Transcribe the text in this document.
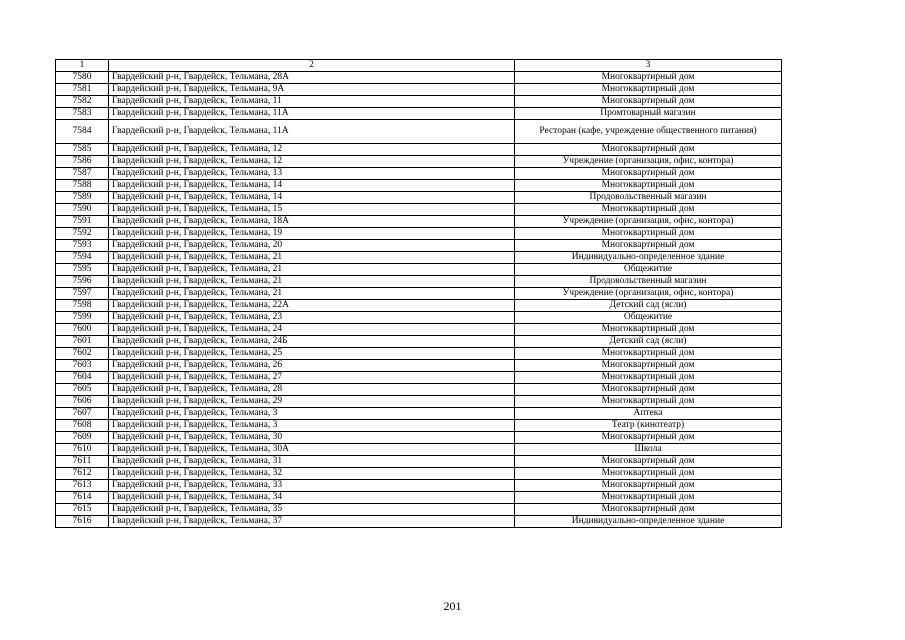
1	2	3
7580	Гвардейский р-н, Гвардейск, Тельмана, 28А	Многоквартирный дом
7581	Гвардейский р-н, Гвардейск, Тельмана, 9А	Многоквартирный дом
7582	Гвардейский р-н, Гвардейск, Тельмана, 11	Многоквартирный дом
7583	Гвардейский р-н, Гвардейск, Тельмана, 11А	Промтоварный магазин
7584	Гвардейский р-н, Гвардейск, Тельмана, 11А	Ресторан (кафе, учреждение общественного питания)
7585	Гвардейский р-н, Гвардейск, Тельмана, 12	Многоквартирный дом
7586	Гвардейский р-н, Гвардейск, Тельмана, 12	Учреждение (организация, офис, контора)
7587	Гвардейский р-н, Гвардейск, Тельмана, 13	Многоквартирный дом
7588	Гвардейский р-н, Гвардейск, Тельмана, 14	Многоквартирный дом
7589	Гвардейский р-н, Гвардейск, Тельмана, 14	Продовольственный магазин
7590	Гвардейский р-н, Гвардейск, Тельмана, 15	Многоквартирный дом
7591	Гвардейский р-н, Гвардейск, Тельмана, 18А	Учреждение (организация, офис, контора)
7592	Гвардейский р-н, Гвардейск, Тельмана, 19	Многоквартирный дом
7593	Гвардейский р-н, Гвардейск, Тельмана, 20	Многоквартирный дом
7594	Гвардейский р-н, Гвардейск, Тельмана, 21	Индивидуально-определенное здание
7595	Гвардейский р-н, Гвардейск, Тельмана, 21	Общежитие
7596	Гвардейский р-н, Гвардейск, Тельмана, 21	Продовольственный магазин
7597	Гвардейский р-н, Гвардейск, Тельмана, 21	Учреждение (организация, офис, контора)
7598	Гвардейский р-н, Гвардейск, Тельмана, 22А	Детский сад (ясли)
7599	Гвардейский р-н, Гвардейск, Тельмана, 23	Общежитие
7600	Гвардейский р-н, Гвардейск, Тельмана, 24	Многоквартирный дом
7601	Гвардейский р-н, Гвардейск, Тельмана, 24Б	Детский сад (ясли)
7602	Гвардейский р-н, Гвардейск, Тельмана, 25	Многоквартирный дом
7603	Гвардейский р-н, Гвардейск, Тельмана, 26	Многоквартирный дом
7604	Гвардейский р-н, Гвардейск, Тельмана, 27	Многоквартирный дом
7605	Гвардейский р-н, Гвардейск, Тельмана, 28	Многоквартирный дом
7606	Гвардейский р-н, Гвардейск, Тельмана, 29	Многоквартирный дом
7607	Гвардейский р-н, Гвардейск, Тельмана, 3	Аптека
7608	Гвардейский р-н, Гвардейск, Тельмана, 3	Театр (кинотеатр)
7609	Гвардейский р-н, Гвардейск, Тельмана, 30	Многоквартирный дом
7610	Гвардейский р-н, Гвардейск, Тельмана, 30А	Школа
7611	Гвардейский р-н, Гвардейск, Тельмана, 31	Многоквартирный дом
7612	Гвардейский р-н, Гвардейск, Тельмана, 32	Многоквартирный дом
7613	Гвардейский р-н, Гвардейск, Тельмана, 33	Многоквартирный дом
7614	Гвардейский р-н, Гвардейск, Тельмана, 34	Многоквартирный дом
7615	Гвардейский р-н, Гвардейск, Тельмана, 35	Многоквартирный дом
7616	Гвардейский р-н, Гвардейск, Тельмана, 37	Индивидуально-определенное здание
201
